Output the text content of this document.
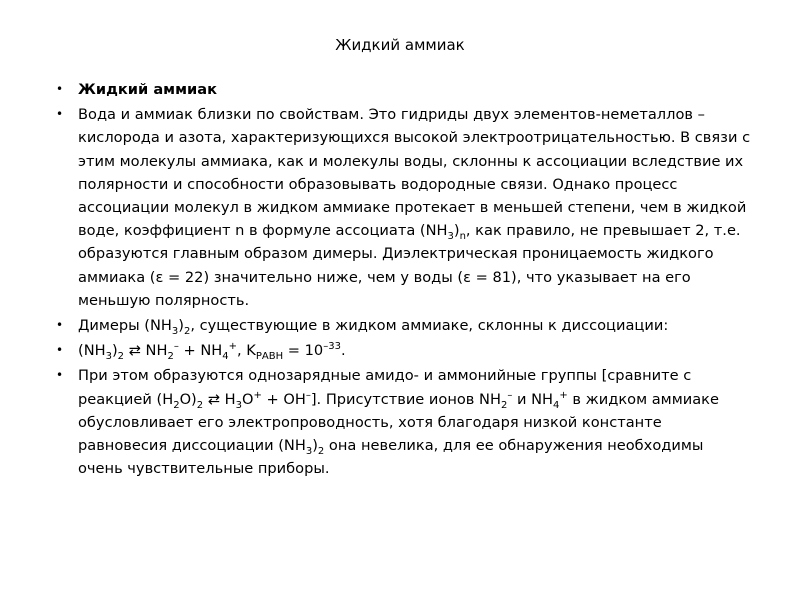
Жидкий аммиак
• Жидкий аммиак
• Вода и аммиак близки по свойствам. Это гидриды двух элементов-неметаллов – кислорода и азота, характеризующихся высокой электроотрицательностью. В связи с этим молекулы аммиака, как и молекулы воды, склонны к ассоциации вследствие их полярности и способности образовывать водородные связи. Однако процесс ассоциации молекул в жидком аммиаке протекает в меньшей степени, чем в жидкой воде, коэффициент n в формуле ассоциата $(NH_3)_n$, как правило, не превышает 2, т.е. образуются главным образом димеры. Диэлектрическая проницаемость жидкого аммиака (ε = 22) значительно ниже, чем у воды (ε = 81), что указывает на его меньшую полярность.
• Димеры $(NH_3)_2$, существующие в жидком аммиаке, склонны к диссоциации:
• $(NH_3)_2$ ⇄ $NH_2^- + NH_4^+$, $K_{РАВН} = 10^{-33}$.
• При этом образуются однозарядные амидо- и аммонийные группы [сравните с реакцией $(H_2O)_2$ ⇄ $H_3O^+ + OH^-$]. Присутствие ионов $NH_2^-$ и $NH_4^+$ в жидком аммиаке обусловливает его электропроводность, хотя благодаря низкой константе равновесия диссоциации $(NH_3)_2$ она невелика, для ее обнаружения необходимы очень чувствительные приборы.
